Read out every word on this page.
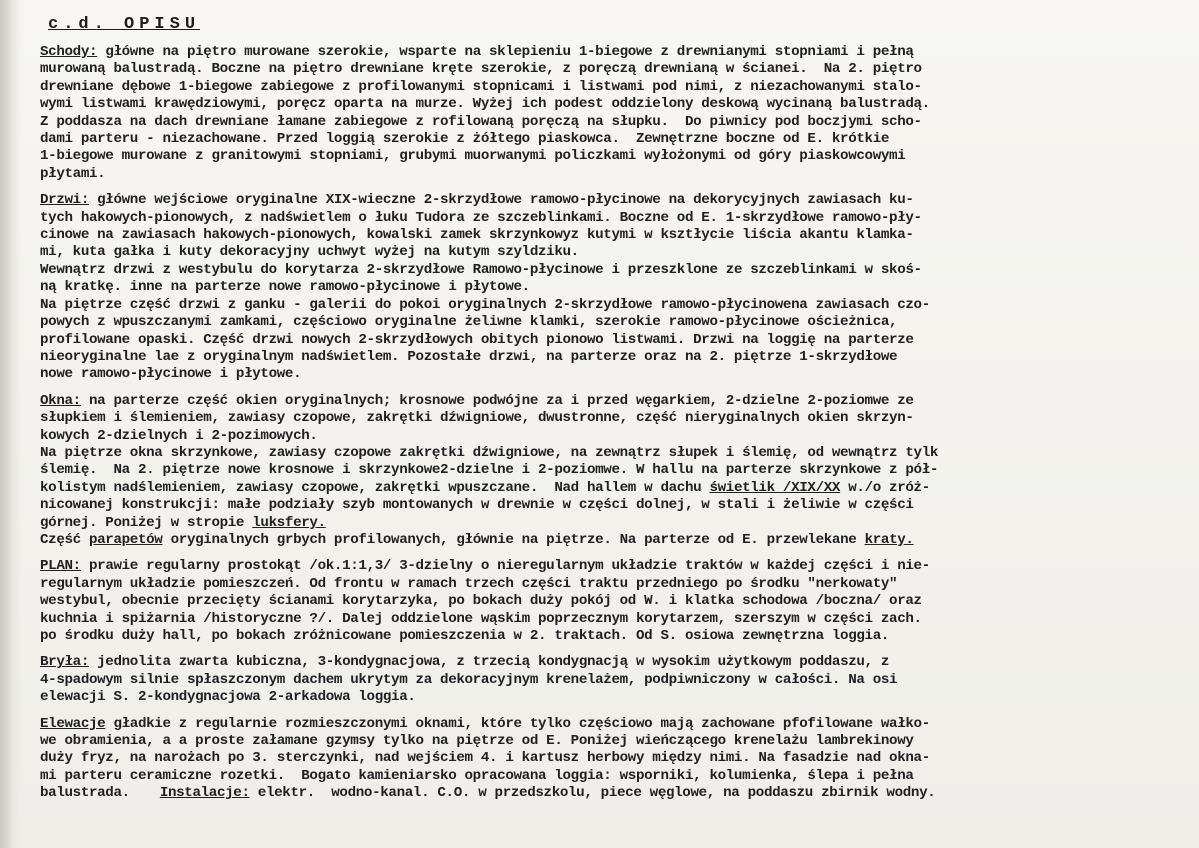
c.d. OPISU
Schody: główne na piętro murowane szerokie, wsparte na sklepieniu 1-biegowe z drewnianymi stopniami i pełną
murowaną balustradą. Boczne na piętro drewniane kręte szerokie, z poręczą drewnianą w ścianei.  Na 2. piętro
drewniane dębowe 1-biegowe zabiegowe z profilowanymi stopnicami i listwami pod nimi, z niezachowanymi stalo-
wymi listwami krawędziowymi, poręcz oparta na murze. Wyżej ich podest oddzielony deskową wycinaną balustradą.
Z poddasza na dach drewniane łamane zabiegowe z rofilowaną poręczą na słupku.  Do piwnicy pod boczjymi scho-
dami parteru - niezachowane. Przed loggią szerokie z żółtego piaskowca.  Zewnętrzne boczne od E. krótkie
1-biegowe murowane z granitowymi stopniami, grubymi muorwanymi policzkami wyłożonymi od góry piaskowcowymi
płytami.
Drzwi: główne wejściowe oryginalne XIX-wieczne 2-skrzydłowe ramowo-płycinowe na dekorycyjnych zawiasach ku-
tych hakowych-pionowych, z nadświetlem o łuku Tudora ze szczeblinkami. Boczne od E. 1-skrzydłowe ramowo-pły-
cinowe na zawiasach hakowych-pionowych, kowalski zamek skrzynkowyz kutymi w ksztłycie liścia akantu klamka-
mi, kuta gałka i kuty dekoracyjny uchwyt wyżej na kutym szyldziku.
Wewnątrz drzwi z westybulu do korytarza 2-skrzydłowe Ramowo-płycinowe i przeszklone ze szczeblinkami w skoś-
ną kratkę. inne na parterze nowe ramowo-płycinowe i płytowe.
Na piętrze część drzwi z ganku - galerii do pokoi oryginalnych 2-skrzydłowe ramowo-płycinowena zawiasach czo-
powych z wpuszczanymi zamkami, częściowo oryginalne żeliwne klamki, szerokie ramowo-płycinowe ościeżnica,
profilowane opaski. Część drzwi nowych 2-skrzydłowych obitych pionowo listwami. Drzwi na loggię na parterze
nieoryginalne lae z oryginalnym nadświetlem. Pozostałe drzwi, na parterze oraz na 2. piętrze 1-skrzydłowe
nowe ramowo-płycinowe i płytowe.
Okna: na parterze część okien oryginalnych; krosnowe podwójne za i przed węgarkiem, 2-dzielne 2-poziomwe ze
słupkiem i ślemieniem, zawiasy czopowe, zakrętki dźwigniowe, dwustronne, część nieryginalnych okien skrzyn-
kowych 2-dzielnych i 2-pozimowych.
Na piętrze okna skrzynkowe, zawiasy czopowe zakrętki dźwigniowe, na zewnątrz słupek i ślemię, od wewnątrz tylk
ślemię.  Na 2. piętrze nowe krosnowe i skrzynkowe2-dzielne i 2-poziomwe. W hallu na parterze skrzynkowe z pół-
kolistym nadślemieniem, zawiasy czopowe, zakrętki wpuszczane.  Nad hallem w dachu świetlik /XIX/XX w./o zróż-
nicowanej konstrukcji: małe podziały szyb montowanych w drewnie w części dolnej, w stali i żeliwie w części
górnej. Poniżej w stropie luksfery.
Część parapetów oryginalnych grbych profilowanych, głównie na piętrze. Na parterze od E. przewlekane kraty.
PLAN: prawie regularny prostokąt /ok.1:1,3/ 3-dzielny o nieregularnym układzie traktów w każdej części i nie-
regularnym układzie pomieszczeń. Od frontu w ramach trzech części traktu przedniego po środku "nerkowaty"
westybul, obecnie przecięty ścianami korytarzyka, po bokach duży pokój od W. i klatka schodowa /boczna/ oraz
kuchnia i spiżarnia /historyczne ?/. Dalej oddzielone wąskim poprzecznym korytarzem, szerszym w części zach.
po środku duży hall, po bokach zróżnicowane pomieszczenia w 2. traktach. Od S. osiowa zewnętrzna loggia.
Bryła: jednolita zwarta kubiczna, 3-kondygnacjowa, z trzecią kondygnacją w wysokim użytkowym poddaszu, z
4-spadowym silnie spłaszczonym dachem ukrytym za dekoracyjnym krenelażem, podpiwniczony w całości. Na osi
elewacji S. 2-kondygnacjowa 2-arkadowa loggia.
Elewacje gładkie z regularnie rozmieszczonymi oknami, które tylko częściowo mają zachowane pfofilowane wałko-
we obramienia, a a proste załamane gzymsy tylko na piętrze od E. Poniżej wieńczącego krenelażu lambrekinowy
duży fryz, na narożach po 3. sterczynki, nad wejściem 4. i kartusz herbowy między nimi. Na fasadzie nad okna-
mi parteru ceramiczne rozetki.  Bogato kamieniarsko opracowana loggia: wsporniki, kolumienka, ślepa i pełna
balustrada. Instalacje: elektr.  wodno-kanal. C.O. w przedszkolu, piece węglowe, na poddaszu zbirnik wodny.
